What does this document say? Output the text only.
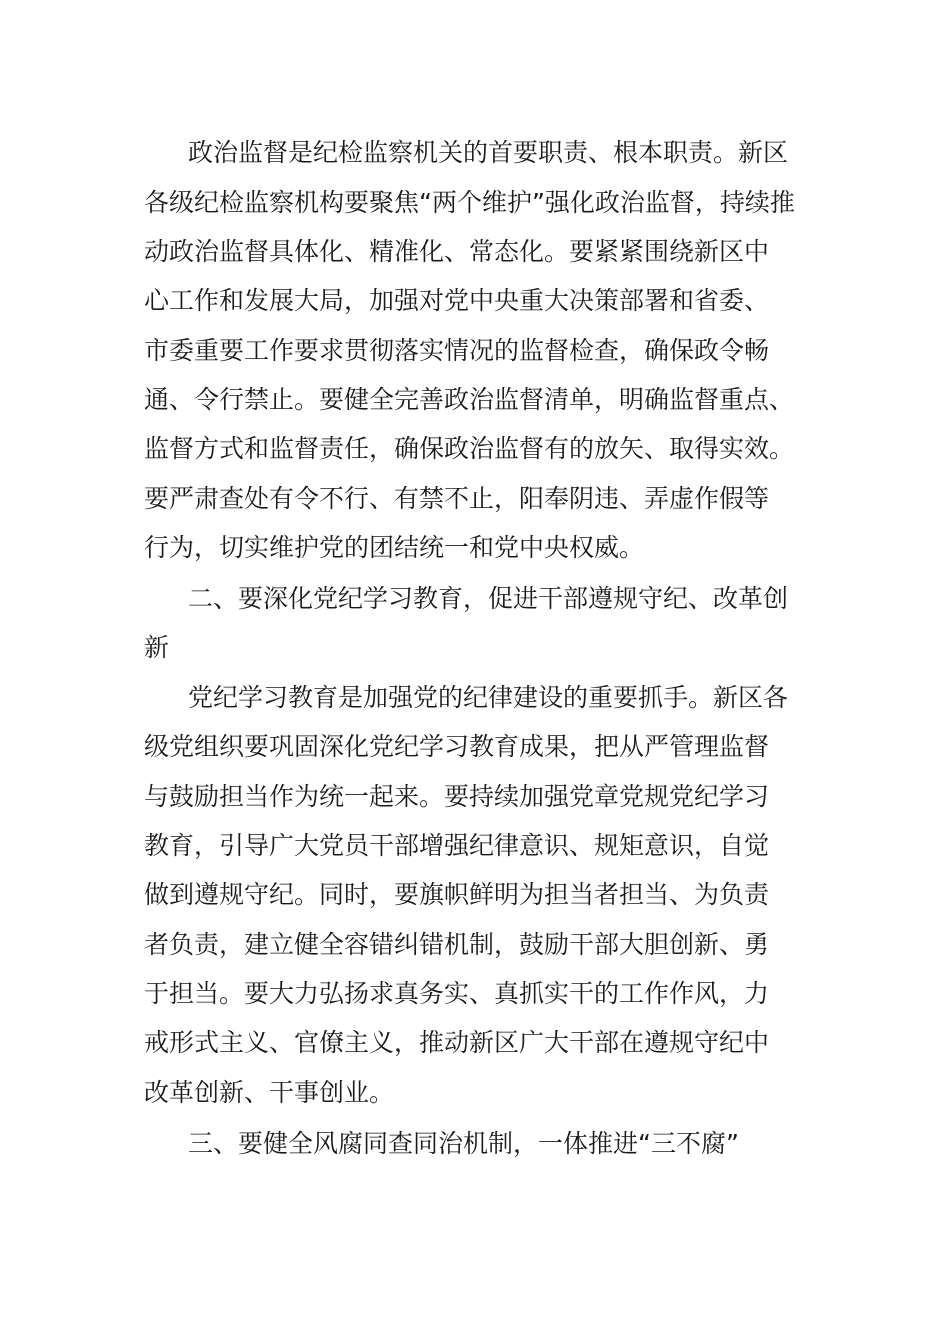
政治监督是纪检监察机关的首要职责、根本职责。新区
各级纪检监察机构要聚焦“两个维护”强化政治监督，持续推
动政治监督具体化、精准化、常态化。要紧紧围绕新区中
心工作和发展大局，加强对党中央重大决策部署和省委、
市委重要工作要求贯彻落实情况的监督检查，确保政令畅
通、令行禁止。要健全完善政治监督清单，明确监督重点、
监督方式和监督责任，确保政治监督有的放矢、取得实效。
要严肃查处有令不行、有禁不止，阳奉阴违、弄虚作假等
行为，切实维护党的团结统一和党中央权威。
二、要深化党纪学习教育，促进干部遵规守纪、改革创
新
党纪学习教育是加强党的纪律建设的重要抓手。新区各
级党组织要巩固深化党纪学习教育成果，把从严管理监督
与鼓励担当作为统一起来。要持续加强党章党规党纪学习
教育，引导广大党员干部增强纪律意识、规矩意识，自觉
做到遵规守纪。同时，要旗帜鲜明为担当者担当、为负责
者负责，建立健全容错纠错机制，鼓励干部大胆创新、勇
于担当。要大力弘扬求真务实、真抓实干的工作作风，力
戒形式主义、官僚主义，推动新区广大干部在遵规守纪中
改革创新、干事创业。
三、要健全风腐同查同治机制，一体推进“三不腐”
